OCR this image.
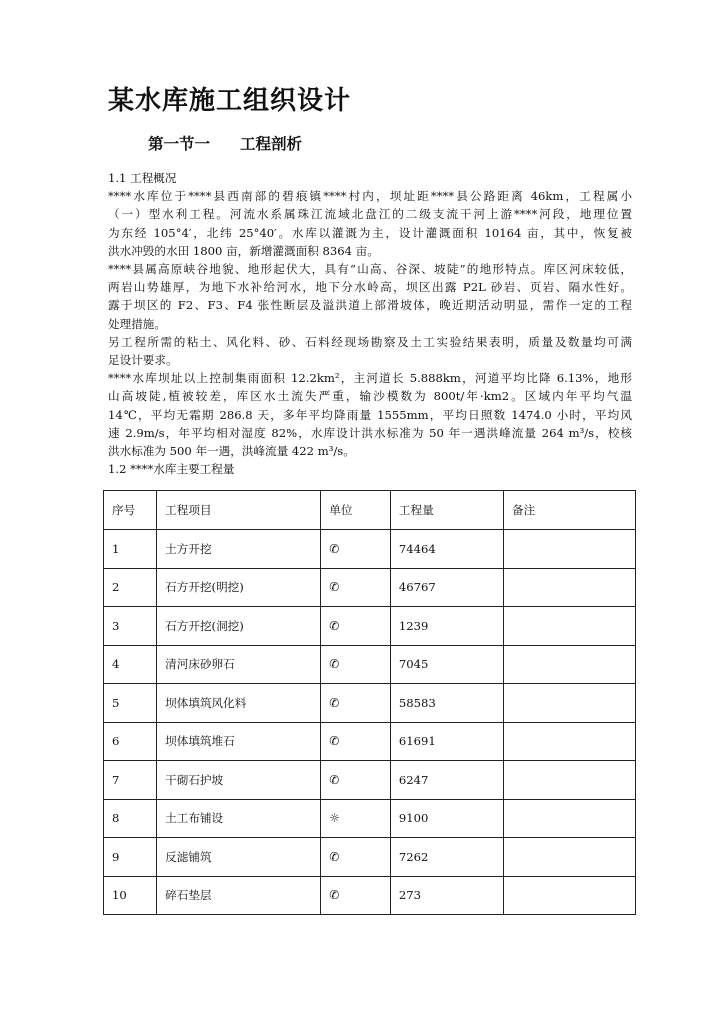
某水库施工组织设计
第一节一 工程剖析
1.1 工程概况
****水库位于****县西南部的碧痕镇****村内，坝址距****县公路距离 46km，工程属小
（一）型水利工程。河流水系属珠江流域北盘江的二级支流干河上游****河段，地理位置
为东经 105°4′，北纬 25°40′。水库以灌溉为主，设计灌溉面积 10164 亩，其中，恢复被
洪水冲毁的水田 1800 亩，新增灌溉面积 8364 亩。
****县属高原峡谷地貌、地形起伏大，具有“山高、谷深、坡陡”的地形特点。库区河床较低，
两岩山势雄厚，为地下水补给河水，地下分水岭高，坝区出露 P2L 砂岩、页岩、隔水性好。
露于坝区的 F2、F3、F4 张性断层及溢洪道上部滑坡体，晚近期活动明显，需作一定的工程
处理措施。
另工程所需的粘土、风化料、砂、石料经现场勘察及土工实验结果表明，质量及数量均可满
足设计要求。
****水库坝址以上控制集雨面积 12.2km²，主河道长 5.888km，河道平均比降 6.13%，地形
山高坡陡,植被较差，库区水土流失严重，输沙模数为 800t/年·km2。区域内年平均气温
14℃，平均无霜期 286.8 天，多年平均降雨量 1555mm，平均日照数 1474.0 小时，平均风
速 2.9m/s，年平均相对湿度 82%，水库设计洪水标准为 50 年一遇洪峰流量 264 m³/s，校核
洪水标准为 500 年一遇，洪峰流量 422 m³/s。
1.2 ****水库主要工程量
序号	工程项目	单位	工程量	备注
1	土方开挖	✆	74464	
2	石方开挖(明挖)	✆	46767	
3	石方开挖(洞挖)	✆	1239	
4	清河床砂卵石	✆	7045	
5	坝体填筑风化料	✆	58583	
6	坝体填筑堆石	✆	61691	
7	干砌石护坡	✆	6247	
8	土工布铺设	☼	9100	
9	反滤铺筑	✆	7262	
10	碎石垫层	✆	273	
